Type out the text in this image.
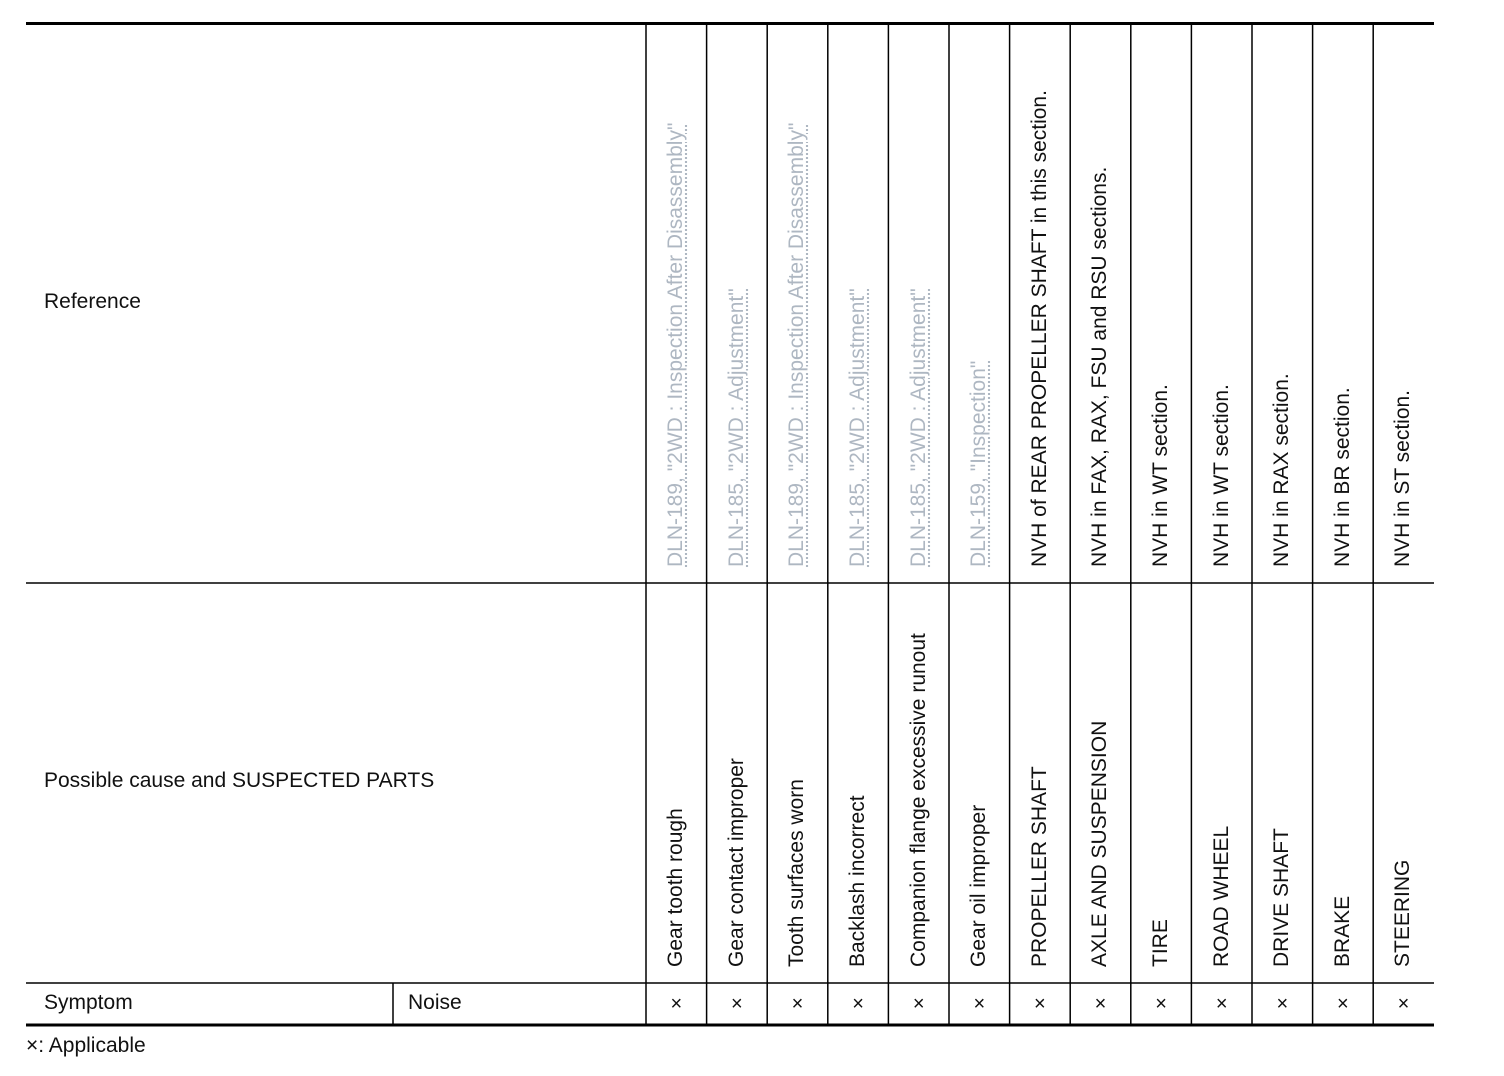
Reference
Possible cause and SUSPECTED PARTS
Symptom	Noise
DLN-189, "2WD : Inspection After Disassembly"
Gear tooth rough
×
DLN-185, "2WD : Adjustment"
Gear contact improper
×
DLN-189, "2WD : Inspection After Disassembly"
Tooth surfaces worn
×
DLN-185, "2WD : Adjustment"
Backlash incorrect
×
DLN-185, "2WD : Adjustment"
Companion flange excessive runout
×
DLN-159, "Inspection"
Gear oil improper
×
NVH of REAR PROPELLER SHAFT in this section.
PROPELLER SHAFT
×
NVH in FAX, RAX, FSU and RSU sections.
AXLE AND SUSPENSION
×
NVH in WT section.
TIRE
×
NVH in WT section.
ROAD WHEEL
×
NVH in RAX section.
DRIVE SHAFT
×
NVH in BR section.
BRAKE
×
NVH in ST section.
STEERING
×
×: Applicable
